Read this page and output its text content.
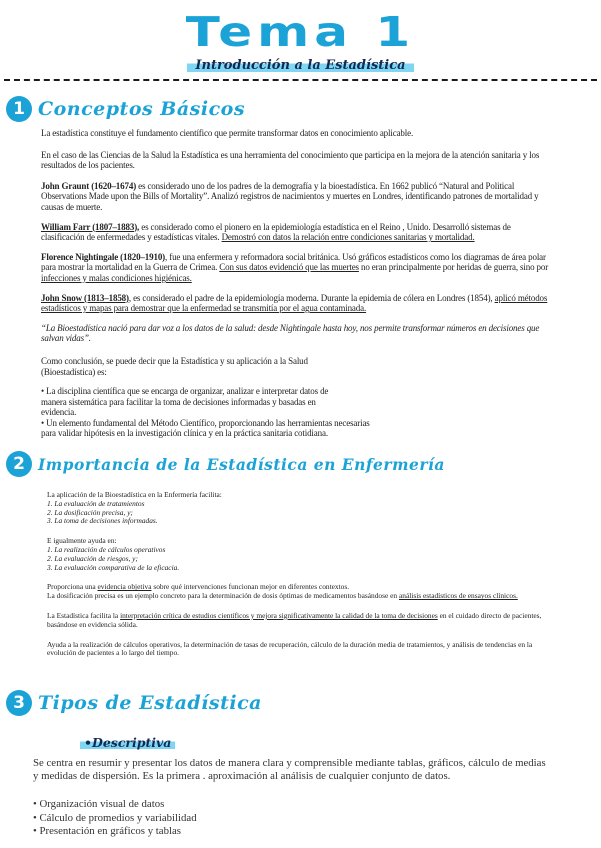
Tema 1
Introducción a la Estadística
1 Conceptos Básicos

La estadística constituye el fundamento científico que permite transformar datos en conocimiento aplicable.

En el caso de las Ciencias de la Salud la Estadística es una herramienta del conocimiento que participa en la mejora de la atención sanitaria y los resultados de los pacientes.

John Graunt (1620–1674) es considerado uno de los padres de la demografía y la bioestadística. En 1662 publicó “Natural and Political Observations Made upon the Bills of Mortality”. Analizó registros de nacimientos y muertes en Londres, identificando patrones de mortalidad y causas de muerte.

William Farr (1807–1883), es considerado como el pionero en la epidemiología estadística en el Reino , Unido. Desarrolló sistemas de clasificación de enfermedades y estadísticas vitales. Demostró con datos la relación entre condiciones sanitarias y mortalidad.

Florence Nightingale (1820–1910), fue una enfermera y reformadora social británica. Usó gráficos estadísticos como los diagramas de área polar para mostrar la mortalidad en la Guerra de Crimea. Con sus datos evidenció que las muertes no eran principalmente por heridas de guerra, sino por infecciones y malas condiciones higiénicas.

John Snow (1813–1858), es considerado el padre de la epidemiología moderna. Durante la epidemia de cólera en Londres (1854), aplicó métodos estadísticos y mapas para demostrar que la enfermedad se transmitía por el agua contaminada.

“La Bioestadística nació para dar voz a los datos de la salud: desde Nightingale hasta hoy, nos permite transformar números en decisiones que salvan vidas”.

Como conclusión, se puede decir que la Estadística y su aplicación a la Salud

(Bioestadística) es:

• La disciplina científica que se encarga de organizar, analizar e interpretar datos de manera sistemática para facilitar la toma de decisiones informadas y basadas en evidencia.

• Un elemento fundamental del Método Científico, proporcionando las herramientas necesarias para validar hipótesis en la investigación clínica y en la práctica sanitaria cotidiana.

2 Importancia de la Estadística en Enfermería

La aplicación de la Bioestadística en la Enfermería facilita:

1. La evaluación de tratamientos

2. La dosificación precisa, y;

3. La toma de decisiones informadas.

E igualmente ayuda en:

1. La realización de cálculos operativos

2. La evaluación de riesgos, y;

3. La evaluación comparativa de la eficacia.

Proporciona una evidencia objetiva sobre qué intervenciones funcionan mejor en diferentes contextos.

La dosificación precisa es un ejemplo concreto para la determinación de dosis óptimas de medicamentos basándose en análisis estadísticos de ensayos clínicos.

La Estadística facilita la interpretación crítica de estudios científicos y mejora significativamente la calidad de la toma de decisiones en el cuidado directo de pacientes, basándose en evidencia sólida.

Ayuda a la realización de cálculos operativos, la determinación de tasas de recuperación, cálculo de la duración media de tratamientos, y análisis de tendencias en la evolución de pacientes a lo largo del tiempo.

3 Tipos de Estadística
•Descriptiva

Se centra en resumir y presentar los datos de manera clara y comprensible mediante tablas, gráficos, cálculo de medias y medidas de dispersión. Es la primera . aproximación al análisis de cualquier conjunto de datos.

• Organización visual de datos

• Cálculo de promedios y variabilidad

• Presentación en gráficos y tablas
